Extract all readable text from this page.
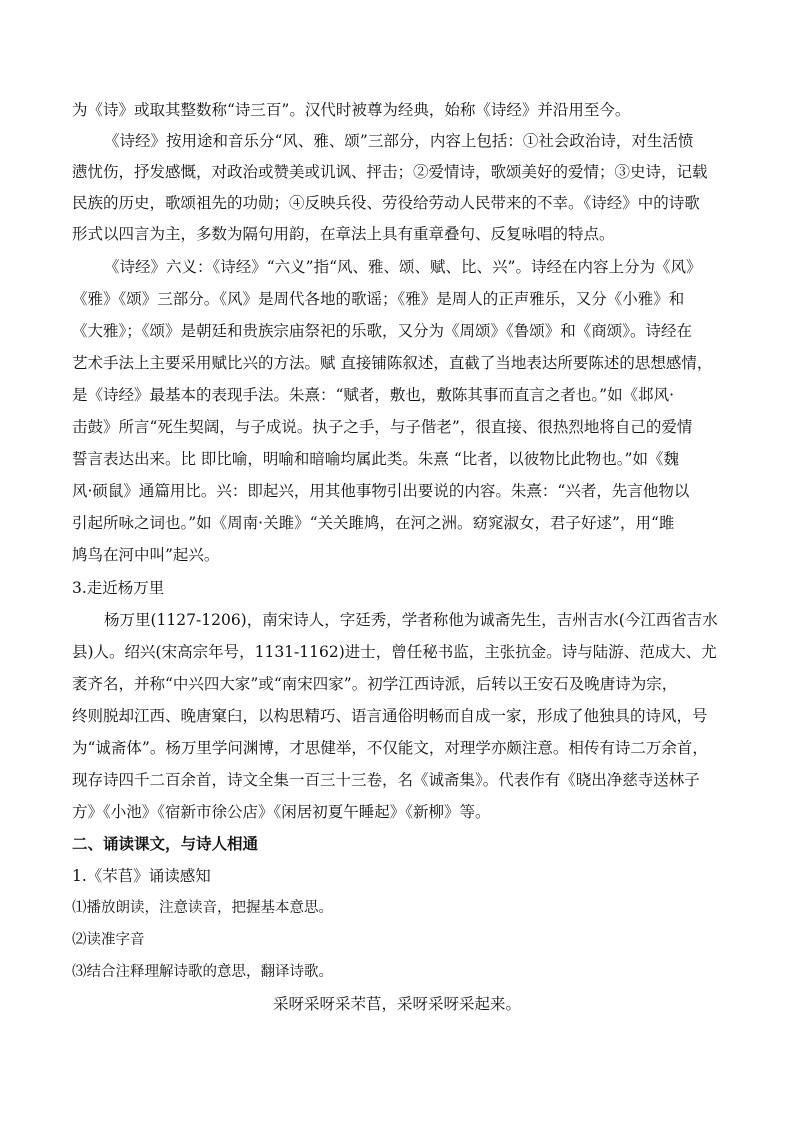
为《诗》或取其整数称“诗三百”。汉代时被尊为经典，始称《诗经》并沿用至今。
《诗经》按用途和音乐分“风、雅、颂”三部分，内容上包括：①社会政治诗，对生活愤
懑忧伤，抒发感慨，对政治或赞美或讥讽、抨击；②爱情诗，歌颂美好的爱情；③史诗，记载
民族的历史，歌颂祖先的功勋；④反映兵役、劳役给劳动人民带来的不幸。《诗经》中的诗歌
形式以四言为主，多数为隔句用韵，在章法上具有重章叠句、反复咏唱的特点。
《诗经》六义：《诗经》“六义”指“风、雅、颂、赋、比、兴”。诗经在内容上分为《风》
《雅》《颂》三部分。《风》是周代各地的歌谣；《雅》是周人的正声雅乐，又分《小雅》和
《大雅》；《颂》是朝廷和贵族宗庙祭祀的乐歌，又分为《周颂》《鲁颂》和《商颂》。诗经在
艺术手法上主要采用赋比兴的方法。赋 直接铺陈叙述，直截了当地表达所要陈述的思想感情，
是《诗经》最基本的表现手法。朱熹：“赋者，敷也，敷陈其事而直言之者也。”如《邶风·
击鼓》所言“死生契阔，与子成说。执子之手，与子偕老”，很直接、很热烈地将自己的爱情
誓言表达出来。比 即比喻，明喻和暗喻均属此类。朱熹 “比者，以彼物比此物也。”如《魏
风·硕鼠》通篇用比。兴：即起兴，用其他事物引出要说的内容。朱熹：“兴者，先言他物以
引起所咏之词也。”如《周南·关雎》“关关雎鸠，在河之洲。窈窕淑女，君子好逑”，用“雎
鸠鸟在河中叫”起兴。
3.走近杨万里
杨万里(1127-1206)，南宋诗人，字廷秀，学者称他为诚斋先生，吉州吉水(今江西省吉水
县)人。绍兴(宋高宗年号，1131-1162)进士，曾任秘书监，主张抗金。诗与陆游、范成大、尤
袤齐名，并称“中兴四大家”或“南宋四家”。初学江西诗派，后转以王安石及晚唐诗为宗，
终则脱却江西、晚唐窠臼，以构思精巧、语言通俗明畅而自成一家，形成了他独具的诗风，号
为“诚斋体”。杨万里学问渊博，才思健举，不仅能文，对理学亦颇注意。相传有诗二万余首，
现存诗四千二百余首，诗文全集一百三十三卷，名《诚斋集》。代表作有《晓出净慈寺送林子
方》《小池》《宿新市徐公店》《闲居初夏午睡起》《新柳》等。
二、诵读课文，与诗人相通
1.《芣苢》诵读感知
⑴播放朗读，注意读音，把握基本意思。
⑵读准字音
⑶结合注释理解诗歌的意思，翻译诗歌。
采呀采呀采芣苢，采呀采呀采起来。
